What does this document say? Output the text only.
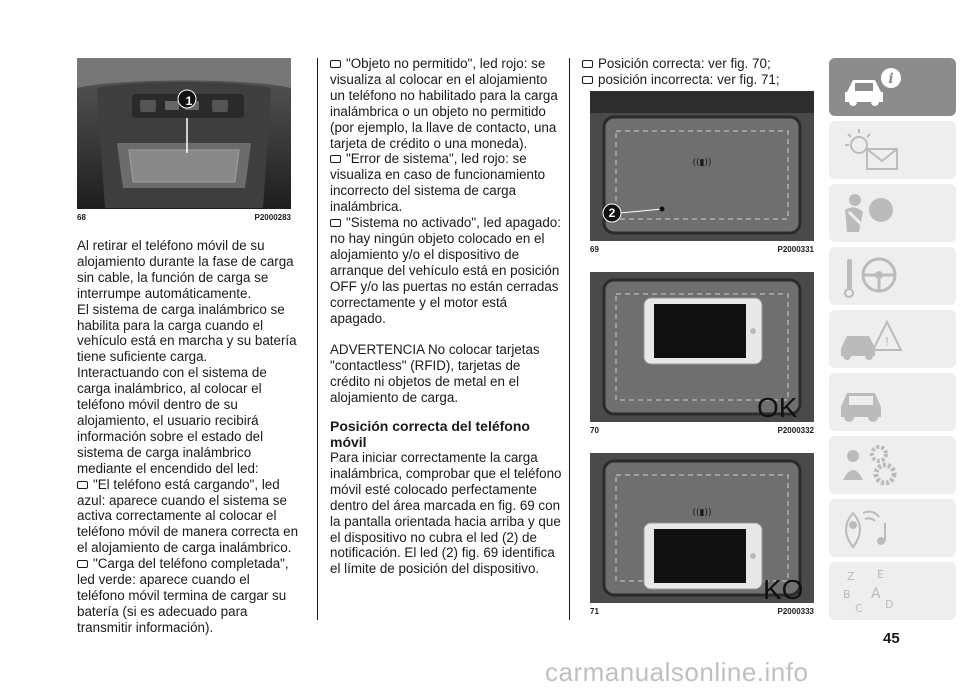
1
68	P2000283

Al retirar el teléfono móvil de su alojamiento durante la fase de carga sin cable, la función de carga se interrumpe automáticamente.

El sistema de carga inalámbrico se habilita para la carga cuando el vehículo está en marcha y su batería tiene suficiente carga.

Interactuando con el sistema de carga inalámbrico, al colocar el teléfono móvil dentro de su alojamiento, el usuario recibirá información sobre el estado del sistema de carga inalámbrico mediante el encendido del led:

"El teléfono está cargando", led azul: aparece cuando el sistema se activa correctamente al colocar el teléfono móvil de manera correcta en el alojamiento de carga inalámbrico.

"Carga del teléfono completada", led verde: aparece cuando el teléfono móvil termina de cargar su batería (si es adecuado para transmitir información).

"Objeto no permitido", led rojo: se visualiza al colocar en el alojamiento un teléfono no habilitado para la carga inalámbrica o un objeto no permitido (por ejemplo, la llave de contacto, una tarjeta de crédito o una moneda).

"Error de sistema", led rojo: se visualiza en caso de funcionamiento incorrecto del sistema de carga inalámbrica.

"Sistema no activado", led apagado: no hay ningún objeto colocado en el alojamiento y/o el dispositivo de arranque del vehículo está en posición OFF y/o las puertas no están cerradas correctamente y el motor está apagado.

ADVERTENCIA No colocar tarjetas "contactless" (RFID), tarjetas de crédito ni objetos de metal en el alojamiento de carga.

Posición correcta del teléfono móvil

Para iniciar correctamente la carga inalámbrica, comprobar que el teléfono móvil esté colocado perfectamente dentro del área marcada en fig. 69 con la pantalla orientada hacia arriba y que el dispositivo no cubra el led (2) de notificación. El led (2) fig. 69 identifica el límite de posición del dispositivo.

Posición correcta: ver fig. 70;

posición incorrecta: ver fig. 71;

((▮))
2
69	P2000331
OK
70	P2000332
((▮))
KO
71	P2000333
i
!
Z E
B A
C D
45
carmanualsonline.info
